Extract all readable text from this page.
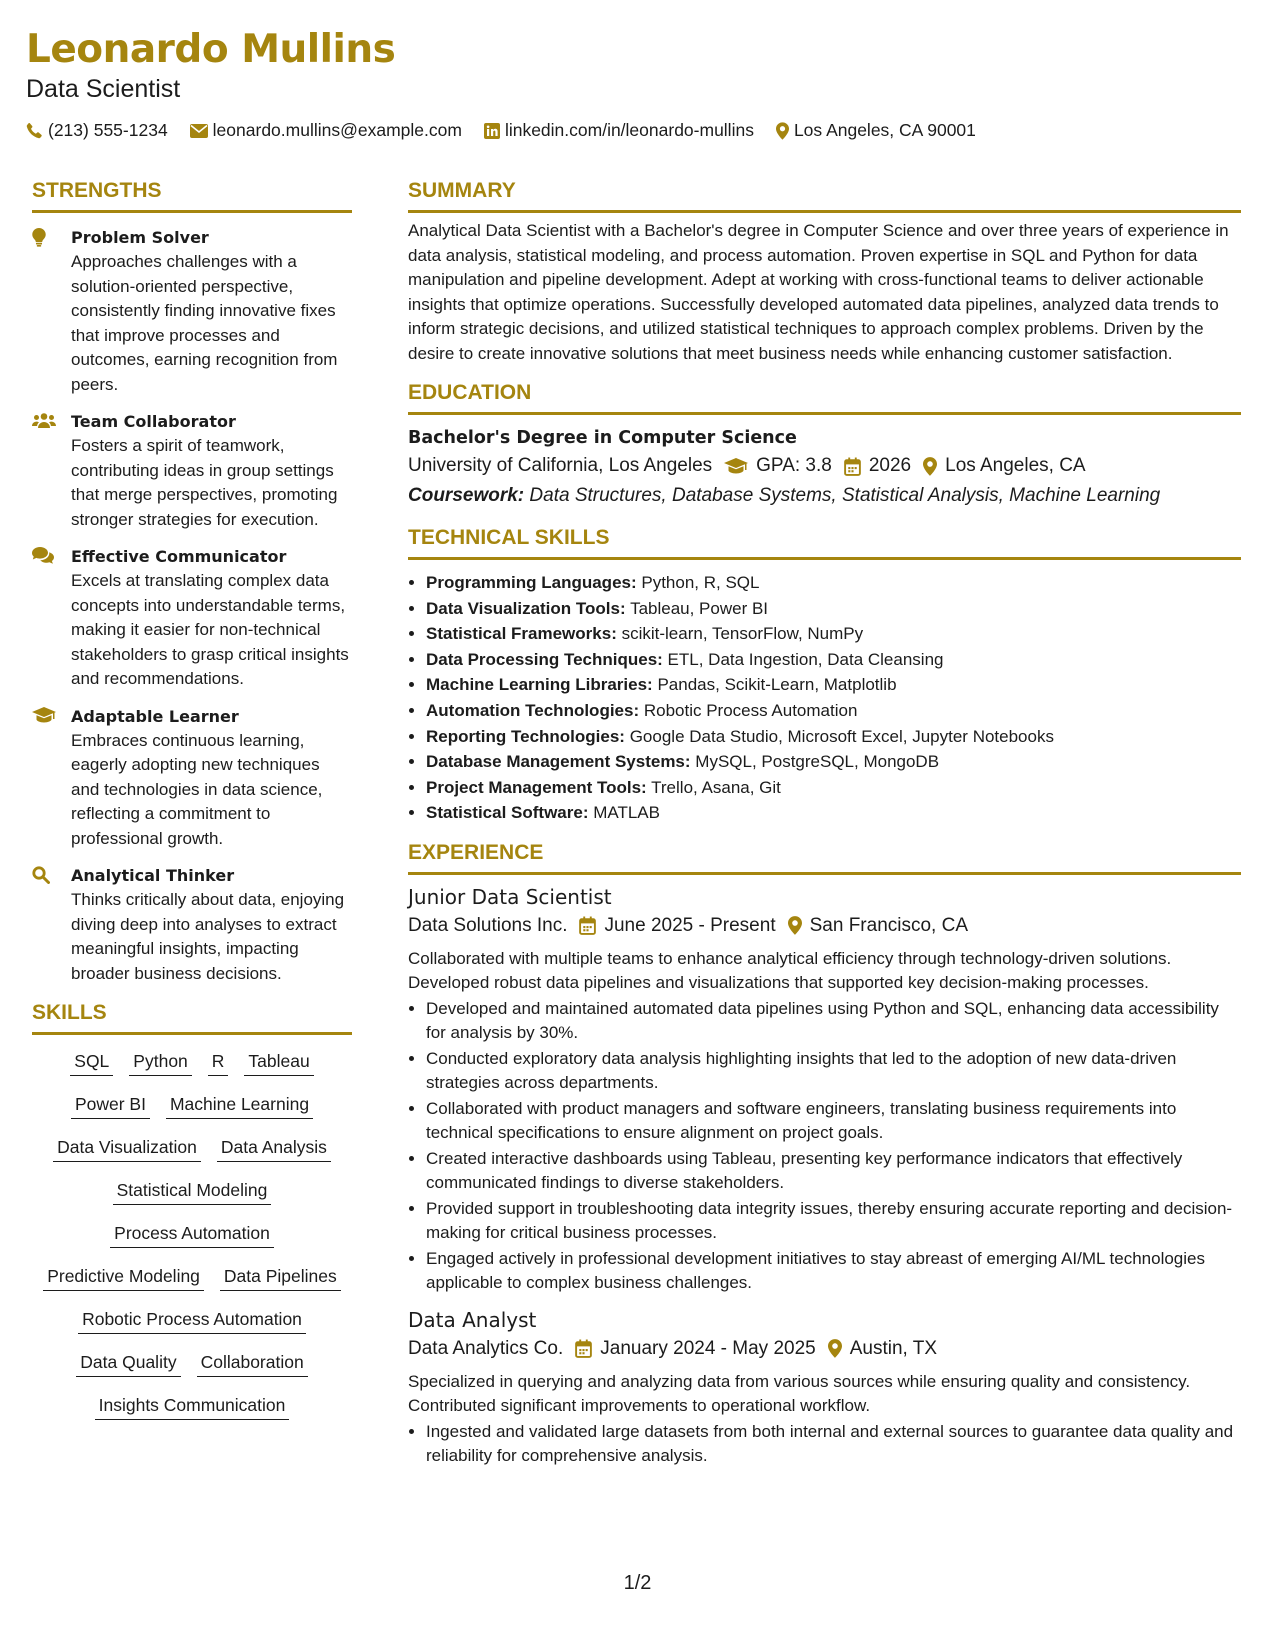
Leonardo Mullins
Data Scientist
(213) 555-1234	leonardo.mullins@example.com linkedin.com/in/leonardo-mullins Los Angeles, CA 90001
STRENGTHS
Problem Solver
Approaches challenges with a solution-oriented perspective, consistently finding innovative fixes that improve processes and outcomes, earning recognition from peers.
Team Collaborator
Fosters a spirit of teamwork, contributing ideas in group settings that merge perspectives, promoting stronger strategies for execution.
Effective Communicator
Excels at translating complex data concepts into understandable terms, making it easier for non-technical stakeholders to grasp critical insights and recommendations.
Adaptable Learner
Embraces continuous learning, eagerly adopting new techniques and technologies in data science, reflecting a commitment to professional growth.
Analytical Thinker
Thinks critically about data, enjoying diving deep into analyses to extract meaningful insights, impacting broader business decisions.
SKILLS
SQL Python R Tableau
Power BI Machine Learning
Data Visualization Data Analysis
Statistical Modeling
Process Automation
Predictive Modeling Data Pipelines
Robotic Process Automation
Data Quality Collaboration
Insights Communication
SUMMARY
Analytical Data Scientist with a Bachelor's degree in Computer Science and over three years of experience in data analysis, statistical modeling, and process automation. Proven expertise in SQL and Python for data manipulation and pipeline development. Adept at working with cross-functional teams to deliver actionable insights that optimize operations. Successfully developed automated data pipelines, analyzed data trends to inform strategic decisions, and utilized statistical techniques to approach complex problems. Driven by the desire to create innovative solutions that meet business needs while enhancing customer satisfaction.
EDUCATION
Bachelor's Degree in Computer Science
University of California, Los Angeles GPA: 3.8 2026 Los Angeles, CA
Coursework: Data Structures, Database Systems, Statistical Analysis, Machine Learning
TECHNICAL SKILLS
• Programming Languages: Python, R, SQL
• Data Visualization Tools: Tableau, Power BI
• Statistical Frameworks: scikit-learn, TensorFlow, NumPy
• Data Processing Techniques: ETL, Data Ingestion, Data Cleansing
• Machine Learning Libraries: Pandas, Scikit-Learn, Matplotlib
• Automation Technologies: Robotic Process Automation
• Reporting Technologies: Google Data Studio, Microsoft Excel, Jupyter Notebooks
• Database Management Systems: MySQL, PostgreSQL, MongoDB
• Project Management Tools: Trello, Asana, Git
• Statistical Software: MATLAB
EXPERIENCE
Junior Data Scientist
Data Solutions Inc. June 2025 - Present San Francisco, CA
Collaborated with multiple teams to enhance analytical efficiency through technology-driven solutions. Developed robust data pipelines and visualizations that supported key decision-making processes.
• Developed and maintained automated data pipelines using Python and SQL, enhancing data accessibility for analysis by 30%.
• Conducted exploratory data analysis highlighting insights that led to the adoption of new data-driven strategies across departments.
• Collaborated with product managers and software engineers, translating business requirements into technical specifications to ensure alignment on project goals.
• Created interactive dashboards using Tableau, presenting key performance indicators that effectively communicated findings to diverse stakeholders.
• Provided support in troubleshooting data integrity issues, thereby ensuring accurate reporting and decision-making for critical business processes.
• Engaged actively in professional development initiatives to stay abreast of emerging AI/ML technologies applicable to complex business challenges.
Data Analyst
Data Analytics Co. January 2024 - May 2025 Austin, TX
Specialized in querying and analyzing data from various sources while ensuring quality and consistency. Contributed significant improvements to operational workflow.
• Ingested and validated large datasets from both internal and external sources to guarantee data quality and reliability for comprehensive analysis.
1/2
